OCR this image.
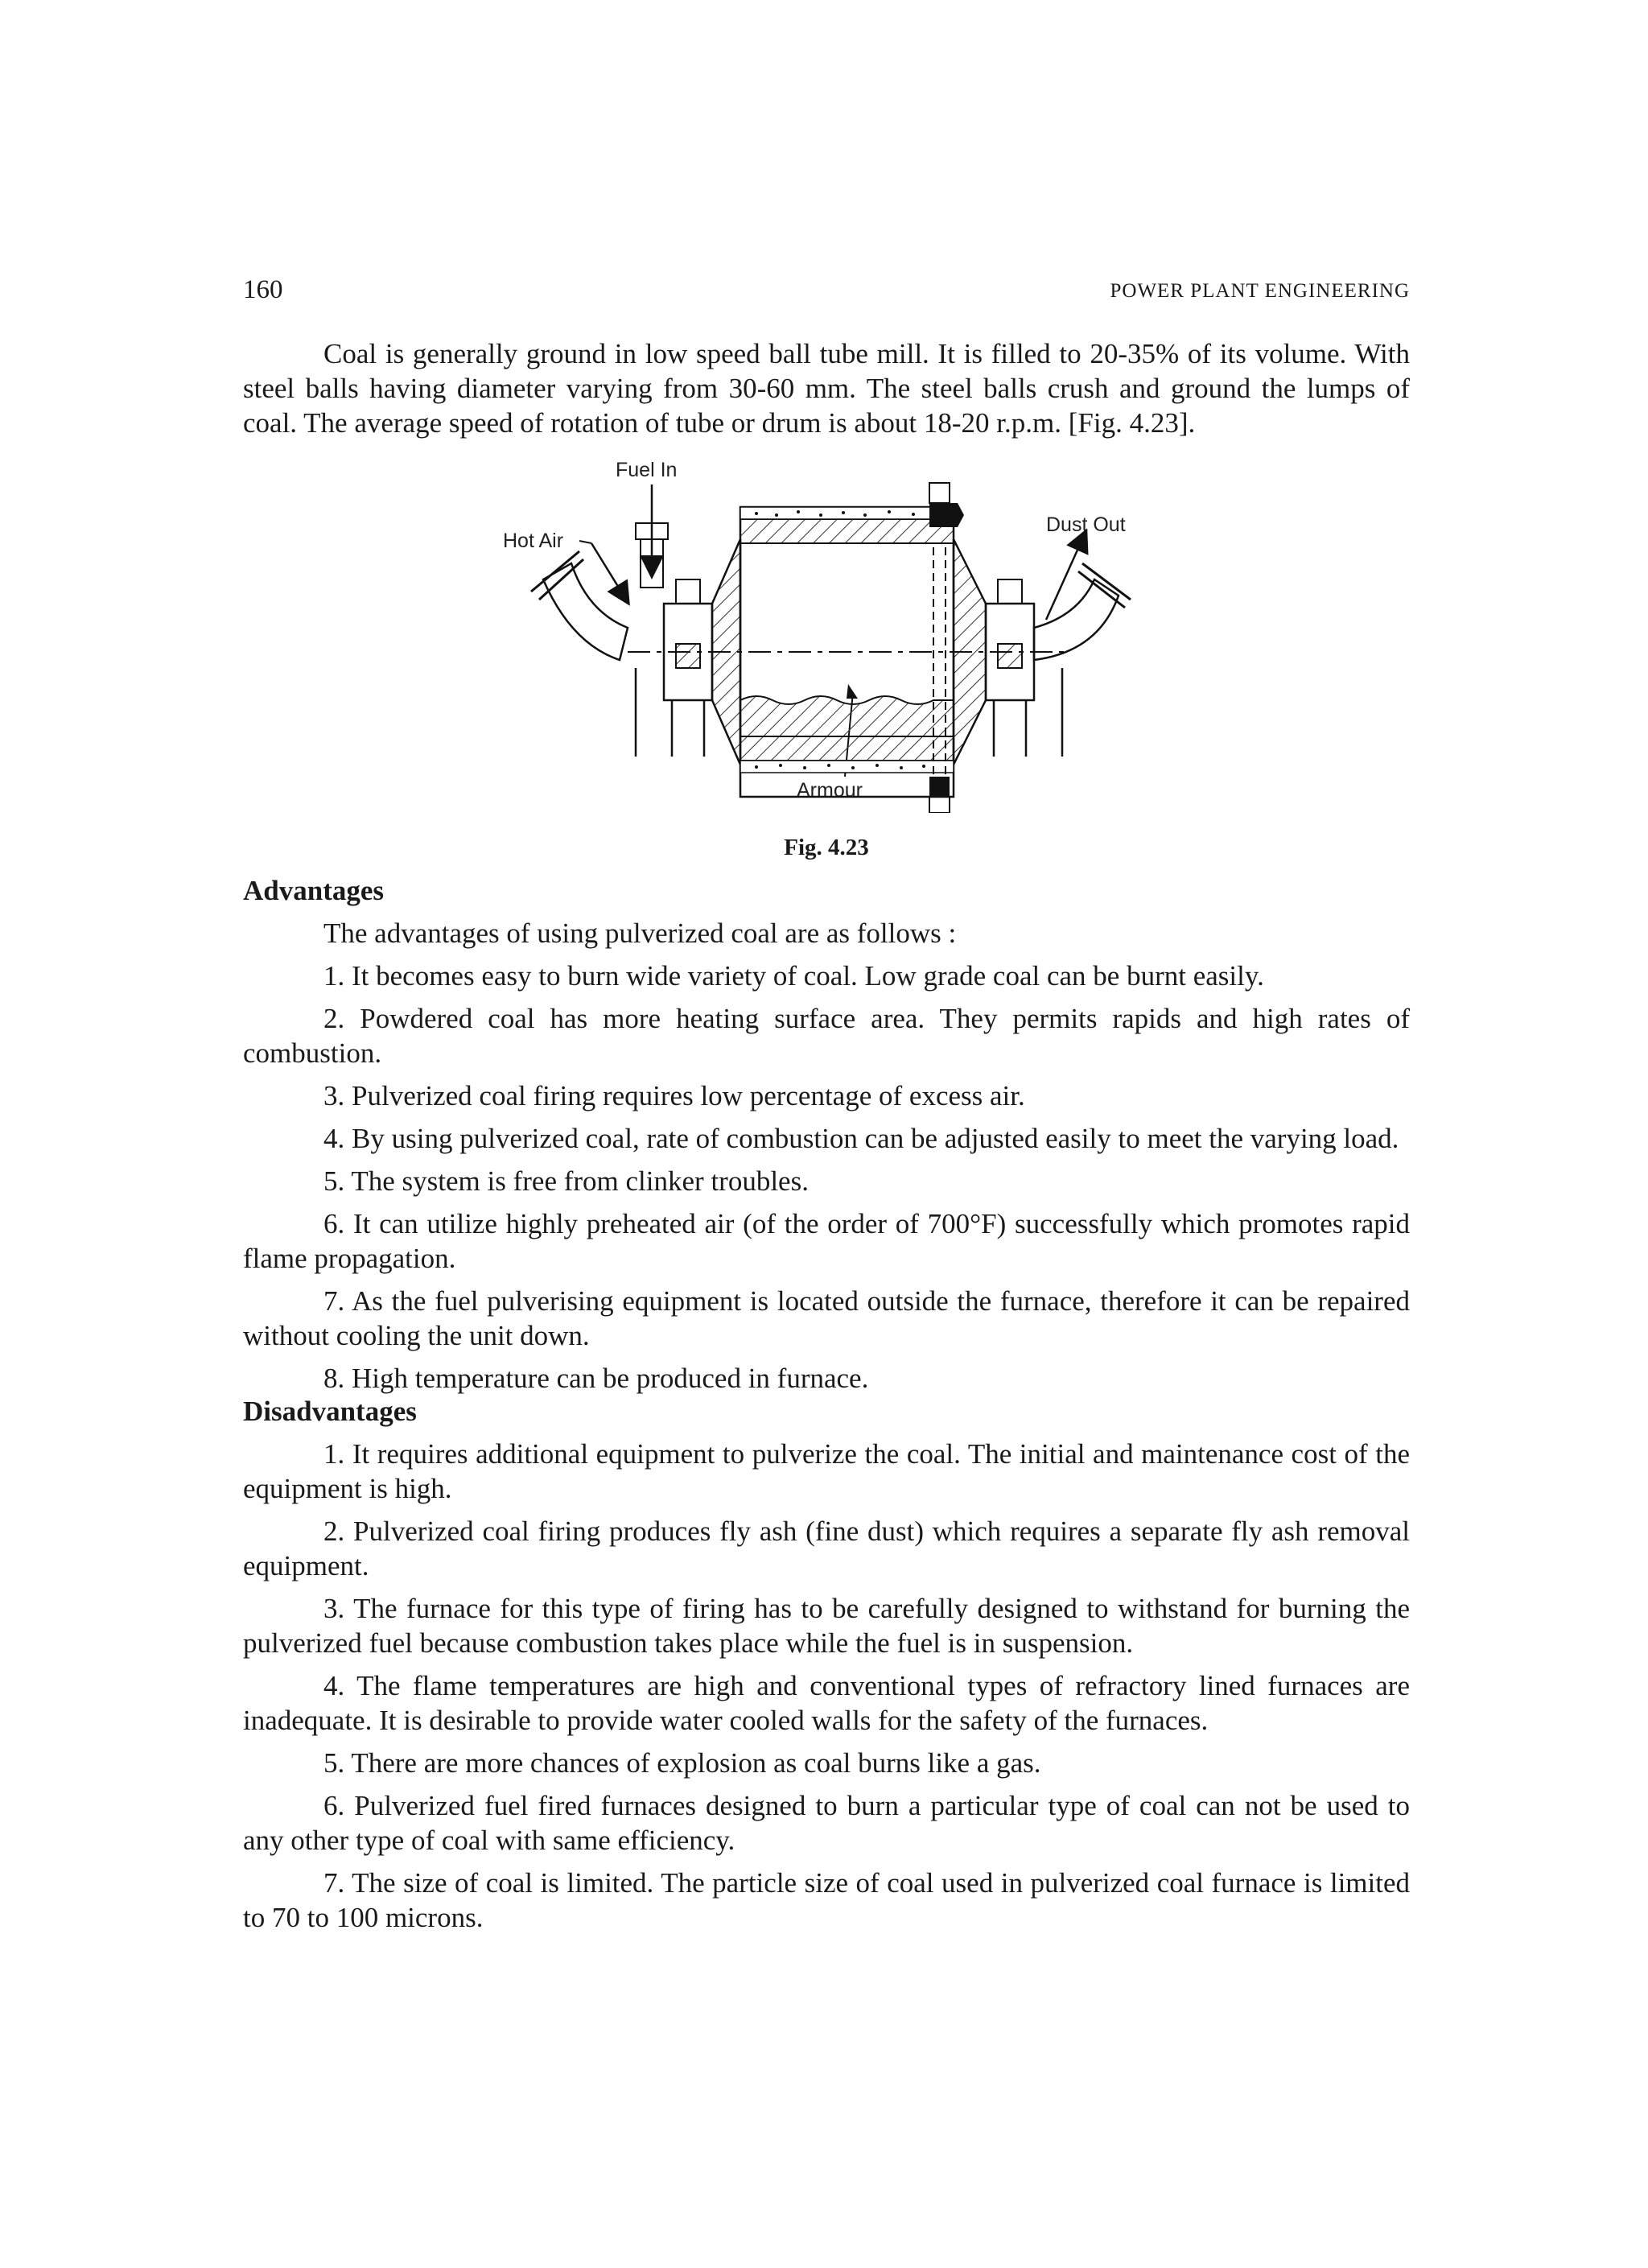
160	POWER PLANT ENGINEERING

Coal is generally ground in low speed ball tube mill. It is filled to 20-35% of its volume. With steel balls having diameter varying from 30-60 mm. The steel balls crush and ground the lumps of coal. The average speed of rotation of tube or drum is about 18-20 r.p.m. [Fig. 4.23].

Fuel In
Hot Air
Dust Out
Armour
Fig. 4.23
Advantages

The advantages of using pulverized coal are as follows :

1. It becomes easy to burn wide variety of coal. Low grade coal can be burnt easily.

2. Powdered coal has more heating surface area. They permits rapids and high rates of combustion.

3. Pulverized coal firing requires low percentage of excess air.

4. By using pulverized coal, rate of combustion can be adjusted easily to meet the varying load.

5. The system is free from clinker troubles.

6. It can utilize highly preheated air (of the order of 700°F) successfully which promotes rapid flame propagation.

7. As the fuel pulverising equipment is located outside the furnace, therefore it can be repaired without cooling the unit down.

8. High temperature can be produced in furnace.

Disadvantages

1. It requires additional equipment to pulverize the coal. The initial and maintenance cost of the equipment is high.

2. Pulverized coal firing produces fly ash (fine dust) which requires a separate fly ash removal equipment.

3. The furnace for this type of firing has to be carefully designed to withstand for burning the pulverized fuel because combustion takes place while the fuel is in suspension.

4. The flame temperatures are high and conventional types of refractory lined furnaces are inadequate. It is desirable to provide water cooled walls for the safety of the furnaces.

5. There are more chances of explosion as coal burns like a gas.

6. Pulverized fuel fired furnaces designed to burn a particular type of coal can not be used to any other type of coal with same efficiency.

7. The size of coal is limited. The particle size of coal used in pulverized coal furnace is limited to 70 to 100 microns.
